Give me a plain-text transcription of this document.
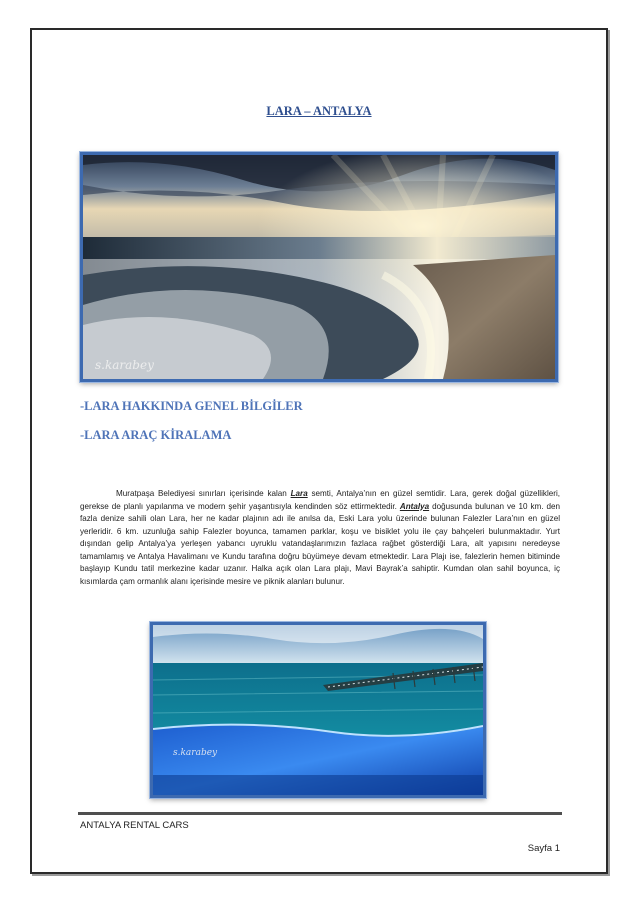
LARA – ANTALYA
s.karabey
-LARA HAKKINDA GENEL BİLGİLER
-LARA ARAÇ KİRALAMA
Muratpaşa Belediyesi sınırları içerisinde kalan Lara semti, Antalya’nın en güzel semtidir. Lara, gerek doğal güzellikleri, gerekse de planlı yapılanma ve modern şehir yaşantısıyla kendinden söz ettirmektedir. Antalya doğusunda bulunan ve 10 km. den fazla denize sahili olan Lara, her ne kadar plajının adı ile anılsa da, Eski Lara yolu üzerinde bulunan Falezler Lara’nın en güzel yerleridir. 6 km. uzunluğa sahip Falezler boyunca, tamamen parklar, koşu ve bisiklet yolu ile çay bahçeleri bulunmaktadır. Yurt dışından gelip Antalya’ya yerleşen yabancı uyruklu vatandaşlarımızın fazlaca rağbet gösterdiği Lara, alt yapısını neredeyse tamamlamış ve Antalya Havalimanı ve Kundu tarafına doğru büyümeye devam etmektedir. Lara Plajı ise, falezlerin hemen bitiminde başlayıp Kundu tatil merkezine kadar uzanır. Halka açık olan Lara plajı, Mavi Bayrak’a sahiptir. Kumdan olan sahil boyunca, iç kısımlarda çam ormanlık alanı içerisinde mesire ve piknik alanları bulunur.
s.karabey
ANTALYA RENTAL CARS
Sayfa 1
